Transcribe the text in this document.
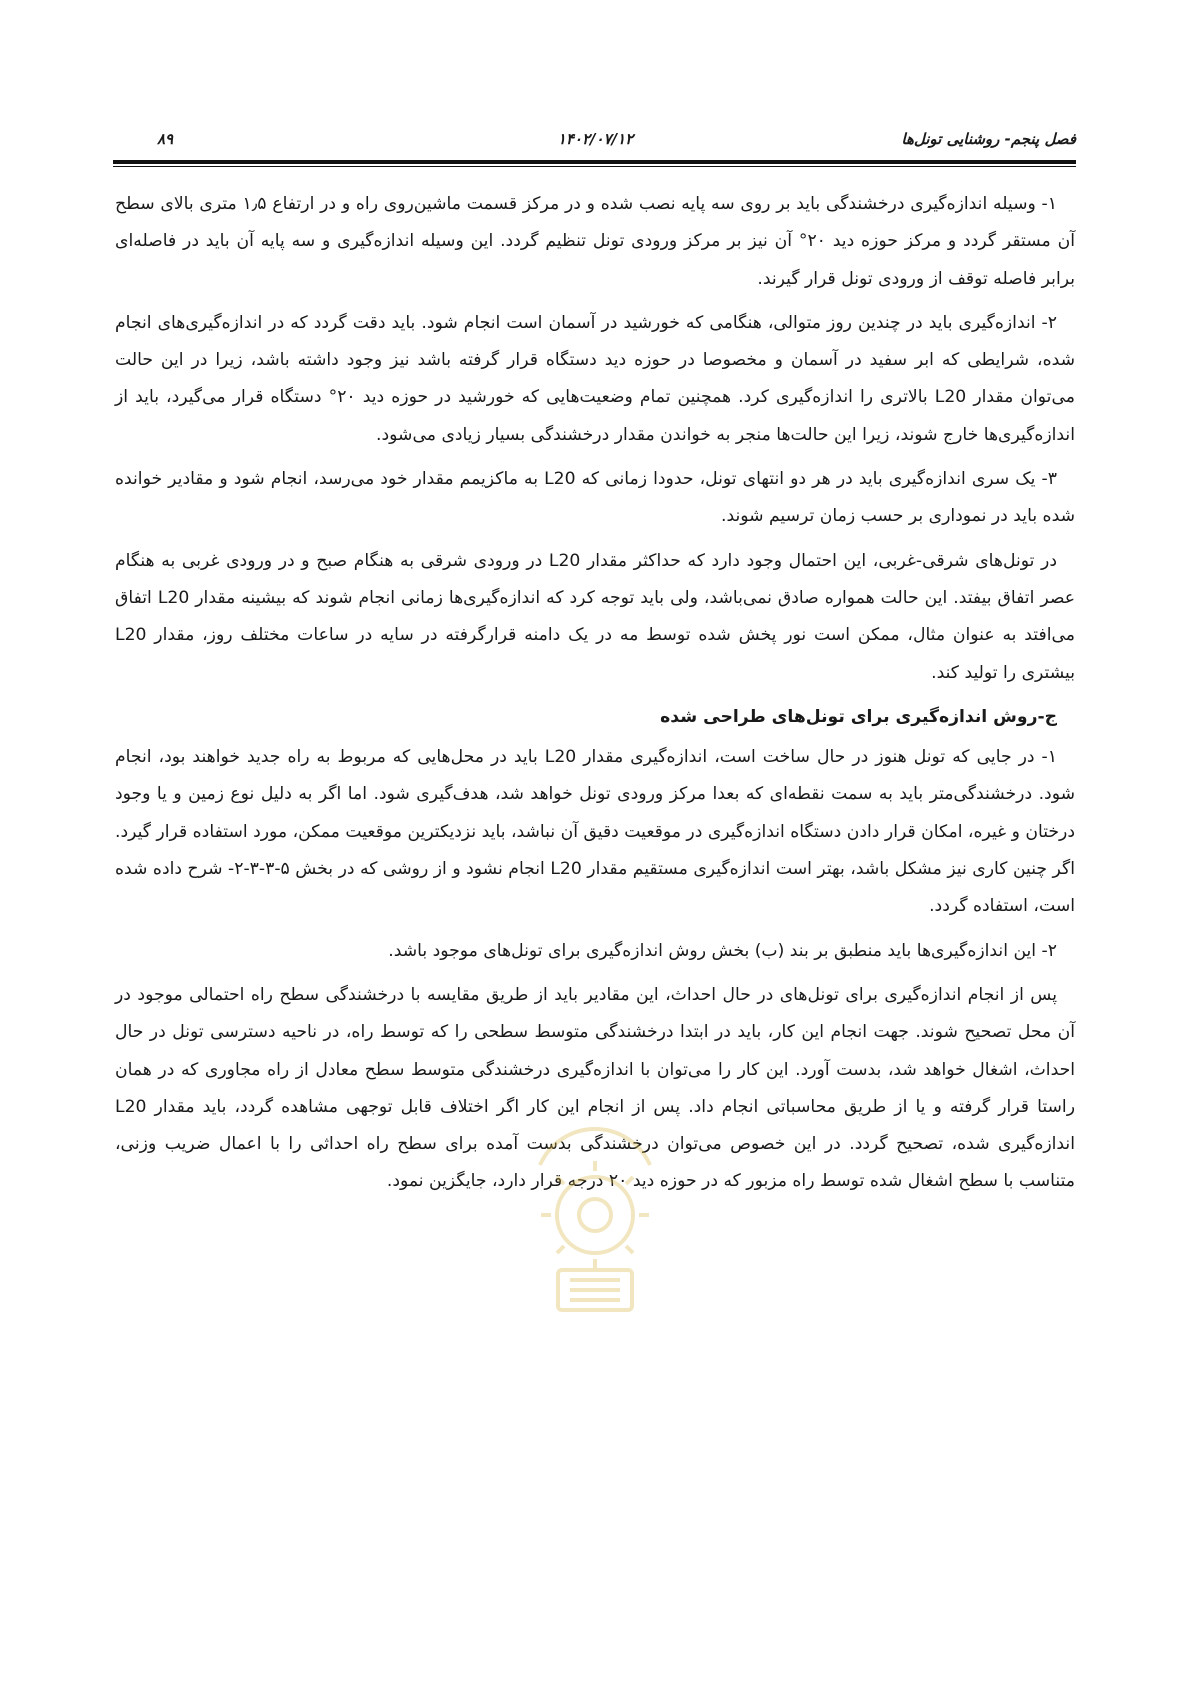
فصل پنجم- روشنایی تونل‌ها
۱۴۰۲/۰۷/۱۲
۸۹

۱- وسیله اندازه‌گیری درخشندگی باید بر روی سه پایه نصب شده و در مرکز قسمت ماشین‌روی راه و در ارتفاع ۱٫۵ متری بالای سطح آن مستقر گردد و مرکز حوزه دید ۲۰° آن نیز بر مرکز ورودی تونل تنظیم گردد. این وسیله اندازه‌گیری و سه پایه آن باید در فاصله‌ای برابر فاصله توقف از ورودی تونل قرار گیرند.

۲- اندازه‌گیری باید در چندین روز متوالی، هنگامی که خورشید در آسمان است انجام شود. باید دقت گردد که در اندازه‌گیری‌های انجام شده، شرایطی که ابر سفید در آسمان و مخصوصا در حوزه دید دستگاه قرار گرفته باشد نیز وجود داشته باشد، زیرا در این حالت می‌توان مقدار L20 بالاتری را اندازه‌گیری کرد. همچنین تمام وضعیت‌هایی که خورشید در حوزه دید ۲۰° دستگاه قرار می‌گیرد، باید از اندازه‌گیری‌ها خارج شوند، زیرا این حالت‌ها منجر به خواندن مقدار درخشندگی بسیار زیادی می‌شود.

۳- یک سری اندازه‌گیری باید در هر دو انتهای تونل، حدودا زمانی که L20 به ماکزیمم مقدار خود می‌رسد، انجام شود و مقادیر خوانده شده باید در نموداری بر حسب زمان ترسیم شوند.

در تونل‌های شرقی-غربی، این احتمال وجود دارد که حداکثر مقدار L20 در ورودی شرقی به هنگام صبح و در ورودی غربی به هنگام عصر اتفاق بیفتد. این حالت همواره صادق نمی‌باشد، ولی باید توجه کرد که اندازه‌گیری‌ها زمانی انجام شوند که بیشینه مقدار L20 اتفاق می‌افتد به عنوان مثال، ممکن است نور پخش شده توسط مه در یک دامنه قرارگرفته در سایه در ساعات مختلف روز، مقدار L20 بیشتری را تولید کند.

ج-روش اندازه‌گیری برای تونل‌های طراحی شده

۱- در جایی که تونل هنوز در حال ساخت است، اندازه‌گیری مقدار L20 باید در محل‌هایی که مربوط به راه جدید خواهند بود، انجام شود. درخشندگی‌متر باید به سمت نقطه‌ای که بعدا مرکز ورودی تونل خواهد شد، هدف‌گیری شود. اما اگر به دلیل نوع زمین و یا وجود درختان و غیره، امکان قرار دادن دستگاه اندازه‌گیری در موقعیت دقیق آن نباشد، باید نزدیکترین موقعیت ممکن، مورد استفاده قرار گیرد. اگر چنین کاری نیز مشکل باشد، بهتر است اندازه‌گیری مستقیم مقدار L20 انجام نشود و از روشی که در بخش ۵-۳-۳-۲- شرح داده شده است، استفاده گردد.

۲- این اندازه‌گیری‌ها باید منطبق بر بند (ب) بخش روش اندازه‌گیری برای تونل‌های موجود باشد.

پس از انجام اندازه‌گیری برای تونل‌های در حال احداث، این مقادیر باید از طریق مقایسه با درخشندگی سطح راه احتمالی موجود در آن محل تصحیح شوند. جهت انجام این کار، باید در ابتدا درخشندگی متوسط سطحی را که توسط راه، در ناحیه دسترسی تونل در حال احداث، اشغال خواهد شد، بدست آورد. این کار را می‌توان با اندازه‌گیری درخشندگی متوسط سطح معادل از راه مجاوری که در همان راستا قرار گرفته و یا از طریق محاسباتی انجام داد. پس از انجام این کار اگر اختلاف قابل توجهی مشاهده گردد، باید مقدار L20 اندازه‌گیری شده، تصحیح گردد. در این خصوص می‌توان درخشندگی بدست آمده برای سطح راه احداثی را با اعمال ضریب وزنی، متناسب با سطح اشغال شده توسط راه مزبور که در حوزه دید ۲۰ درجه قرار دارد، جایگزین نمود.
